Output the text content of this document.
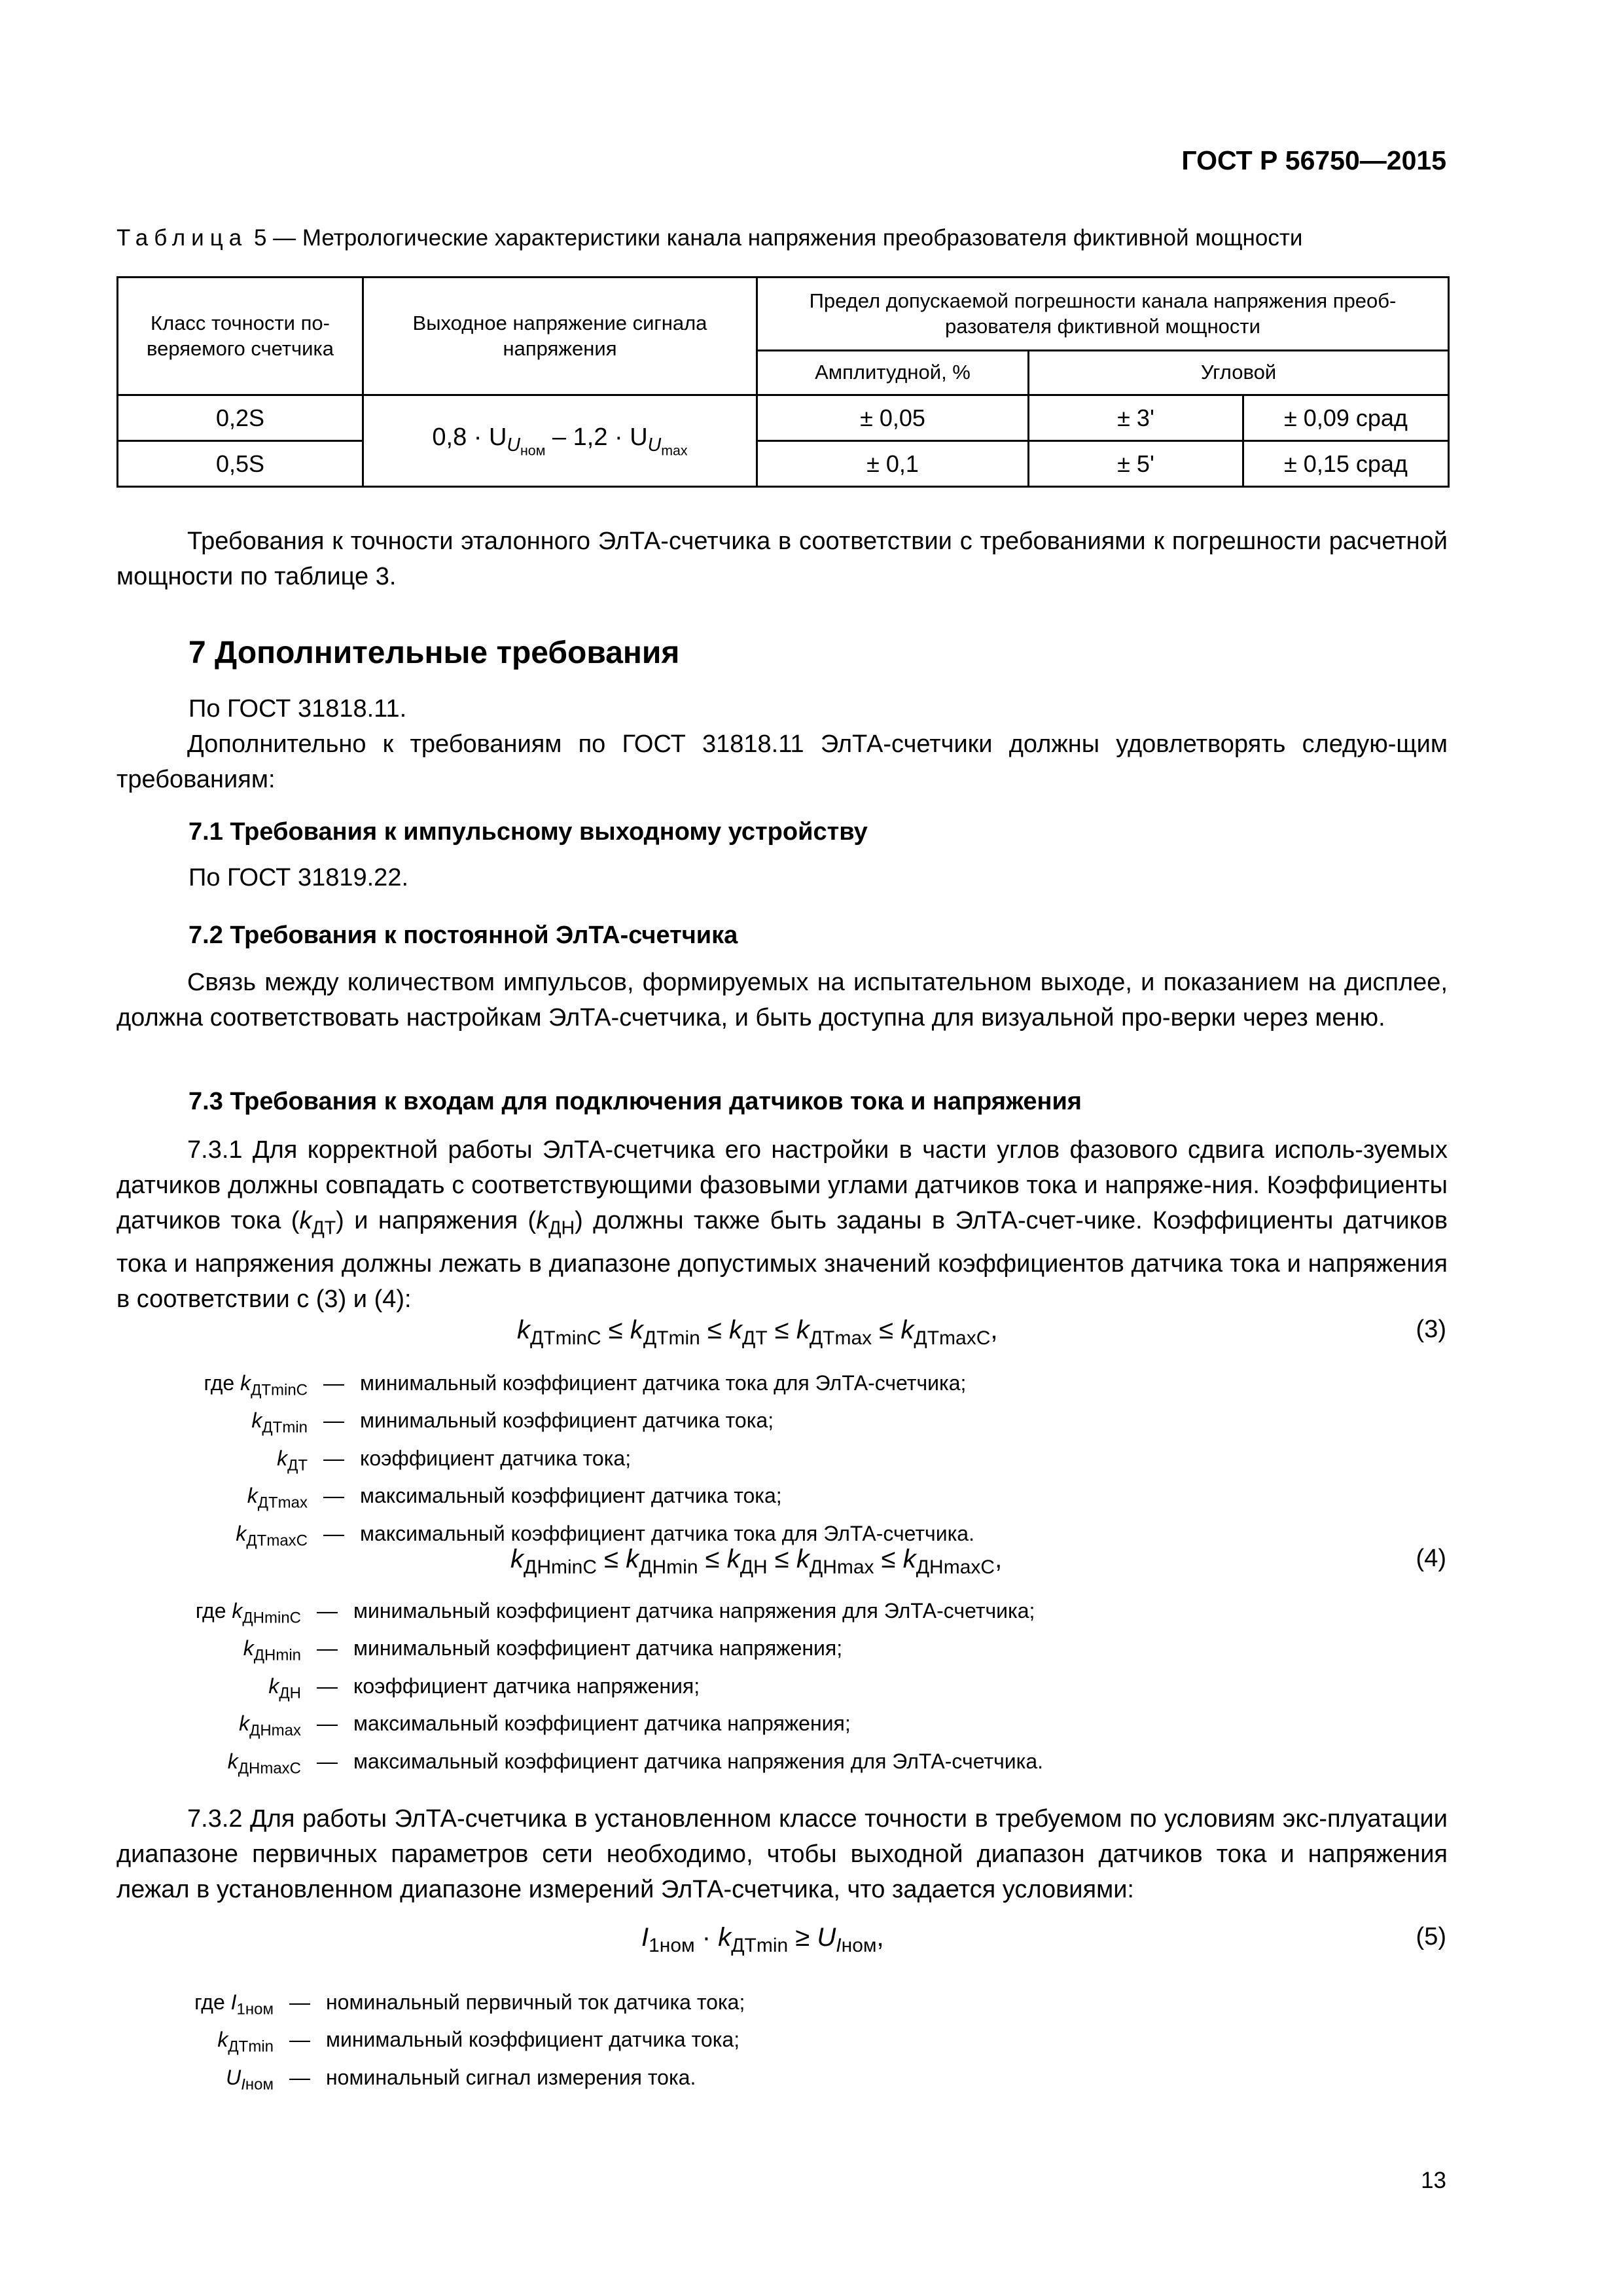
ГОСТ Р 56750—2015
Таблица 5 — Метрологические характеристики канала напряжения преобразователя фиктивной мощности
Класс точности по-веряемого счетчика	Выходное напряжение сигнала напряжения	Предел допускаемой погрешности канала напряжения преоб-разователя фиктивной мощности		
		Амплитудной, %	Угловой	
0,2S	$0,8 \cdot U_{U_{ном}} - 1,2 \cdot U_{U_{max}}$	± 0,05	± 3'	± 0,09 срад
0,5S		± 0,1	± 5'	± 0,15 срад
Требования к точности эталонного ЭлТА-счетчика в соответствии с требованиями к погрешности расчетной мощности по таблице 3.
7 Дополнительные требования
По ГОСТ 31818.11.
Дополнительно к требованиям по ГОСТ 31818.11 ЭлТА-счетчики должны удовлетворять следую-щим требованиям:
7.1 Требования к импульсному выходному устройству
По ГОСТ 31819.22.
7.2 Требования к постоянной ЭлТА-счетчика
Связь между количеством импульсов, формируемых на испытательном выходе, и показанием на дисплее, должна соответствовать настройкам ЭлТА-счетчика, и быть доступна для визуальной про-верки через меню.
7.3 Требования к входам для подключения датчиков тока и напряжения
7.3.1 Для корректной работы ЭлТА-счетчика его настройки в части углов фазового сдвига исполь-зуемых датчиков должны совпадать с соответствующими фазовыми углами датчиков тока и напряже-ния. Коэффициенты датчиков тока $(k_{ДТ})$ и напряжения $(k_{ДН})$ должны также быть заданы в ЭлТА-счет-чике. Коэффициенты датчиков тока и напряжения должны лежать в диапазоне допустимых значений коэффициентов датчика тока и напряжения в соответствии с (3) и (4):
$k_{ДТminC} \le k_{ДТmin} \le k_{ДТ} \le k_{ДТmax} \le k_{ДТmaxC}$,	(3)
где $k_{ДТminC}$ — минимальный коэффициент датчика тока для ЭлТА-счетчика;
$k_{ДТmin}$ — минимальный коэффициент датчика тока;
$k_{ДТ}$ — коэффициент датчика тока;
$k_{ДТmax}$ — максимальный коэффициент датчика тока;
$k_{ДТmaxC}$ — максимальный коэффициент датчика тока для ЭлТА-счетчика.
$k_{ДНminC} \le k_{ДНmin} \le k_{ДН} \le k_{ДНmax} \le k_{ДНmaxC}$,	(4)
где $k_{ДНminC}$ — минимальный коэффициент датчика напряжения для ЭлТА-счетчика;
$k_{ДНmin}$ — минимальный коэффициент датчика напряжения;
$k_{ДН}$ — коэффициент датчика напряжения;
$k_{ДНmax}$ — максимальный коэффициент датчика напряжения;
$k_{ДНmaxC}$ — максимальный коэффициент датчика напряжения для ЭлТА-счетчика.
7.3.2 Для работы ЭлТА-счетчика в установленном классе точности в требуемом по условиям экс-плуатации диапазоне первичных параметров сети необходимо, чтобы выходной диапазон датчиков тока и напряжения лежал в установленном диапазоне измерений ЭлТА-счетчика, что задается условиями:
$I_{1ном} \cdot k_{ДТmin} \ge U_{Iном}$,	(5)
где $I_{1ном}$ — номинальный первичный ток датчика тока;
$k_{ДТmin}$ — минимальный коэффициент датчика тока;
$U_{Iном}$ — номинальный сигнал измерения тока.
13
